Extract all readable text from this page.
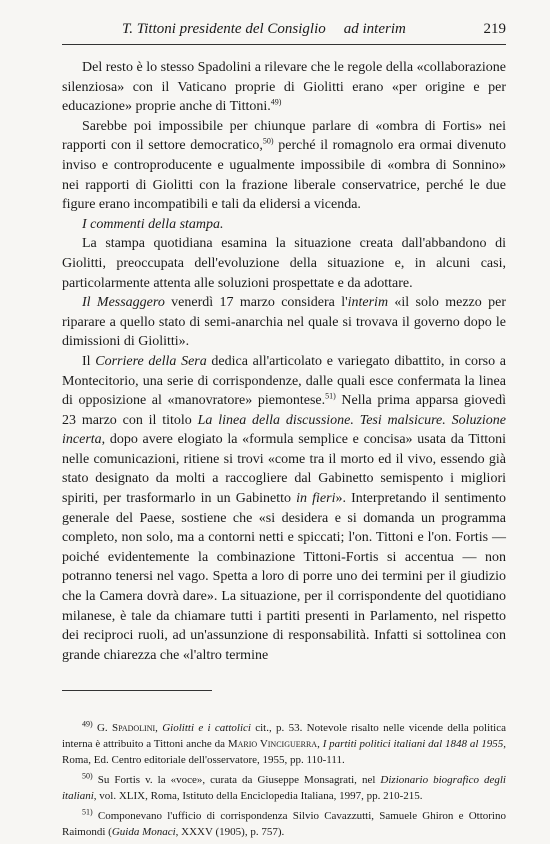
T. Tittoni presidente del Consiglio ad interim	219

Del resto è lo stesso Spadolini a rilevare che le regole della «collaborazione silenziosa» con il Vaticano proprie di Giolitti erano «per origine e per educazione» proprie anche di Tittoni.$^{49)}$

Sarebbe poi impossibile per chiunque parlare di «ombra di Fortis» nei rapporti con il settore democratico,$^{50)}$ perché il romagnolo era ormai divenuto inviso e controproducente e ugualmente impossibile di «ombra di Sonnino» nei rapporti di Giolitti con la frazione liberale conservatrice, perché le due figure erano incompatibili e tali da elidersi a vicenda.

I commenti della stampa.

La stampa quotidiana esamina la situazione creata dall'abbandono di Giolitti, preoccupata dell'evoluzione della situazione e, in alcuni casi, particolarmente attenta alle soluzioni prospettate e da adottare.

Il Messaggero venerdì 17 marzo considera l'interim «il solo mezzo per riparare a quello stato di semi-anarchia nel quale si trovava il governo dopo le dimissioni di Giolitti».

Il Corriere della Sera dedica all'articolato e variegato dibattito, in corso a Montecitorio, una serie di corrispondenze, dalle quali esce confermata la linea di opposizione al «manovratore» piemontese.$^{51)}$ Nella prima apparsa giovedì 23 marzo con il titolo La linea della discussione. Tesi malsicure. Soluzione incerta, dopo avere elogiato la «formula semplice e concisa» usata da Tittoni nelle comunicazioni, ritiene si trovi «come tra il morto ed il vivo, essendo già stato designato da molti a raccogliere dal Gabinetto semispento i migliori spiriti, per trasformarlo in un Gabinetto in fieri». Interpretando il sentimento generale del Paese, sostiene che «si desidera e si domanda un programma completo, non solo, ma a contorni netti e spiccati; l'on. Tittoni e l'on. Fortis — poiché evidentemente la combinazione Tittoni-Fortis si accentua — non potranno tenersi nel vago. Spetta a loro di porre uno dei termini per il giudizio che la Camera dovrà dare». La situazione, per il corrispondente del quotidiano milanese, è tale da chiamare tutti i partiti presenti in Parlamento, nel rispetto dei reciproci ruoli, ad un'assunzione di responsabilità. Infatti si sottolinea con grande chiarezza che «l'altro termine

$^{49)}$ G. Spadolini, Giolitti e i cattolici cit., p. 53. Notevole risalto nelle vicende della politica interna è attribuito a Tittoni anche da Mario Vinciguerra, I partiti politici italiani dal 1848 al 1955, Roma, Ed. Centro editoriale dell'osservatore, 1955, pp. 110-111.

$^{50)}$ Su Fortis v. la «voce», curata da Giuseppe Monsagrati, nel Dizionario biografico degli italiani, vol. XLIX, Roma, Istituto della Enciclopedia Italiana, 1997, pp. 210-215.

$^{51)}$ Componevano l'ufficio di corrispondenza Silvio Cavazzutti, Samuele Ghiron e Ottorino Raimondi (Guida Monaci, XXXV (1905), p. 757).
